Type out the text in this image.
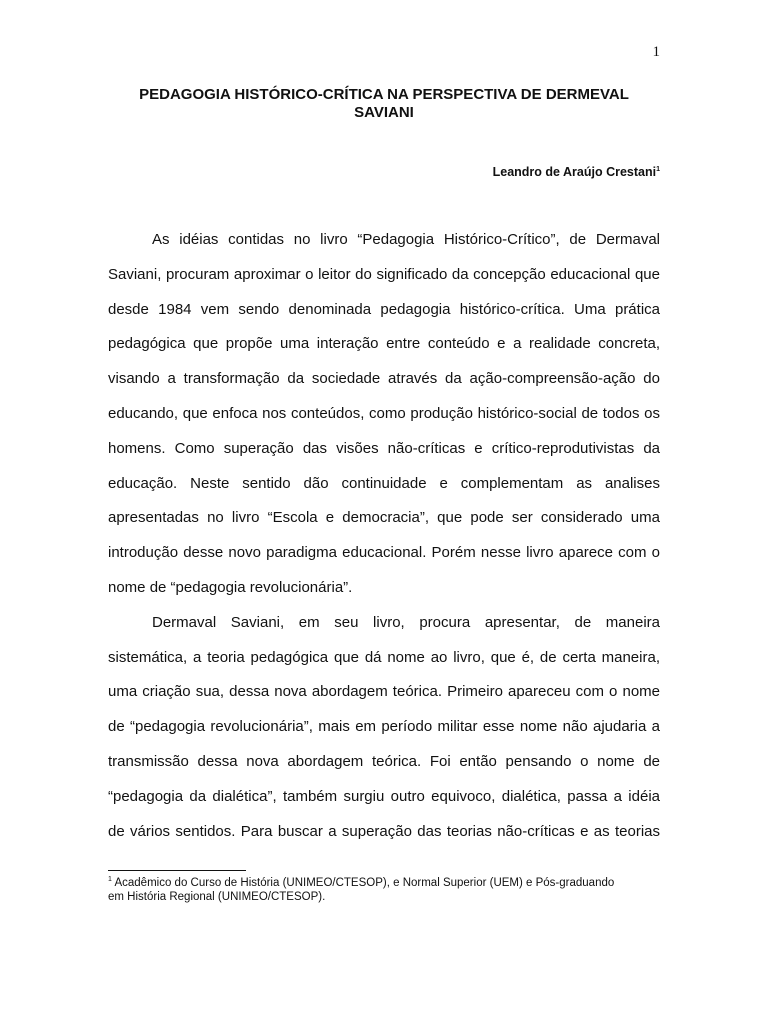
1
PEDAGOGIA HISTÓRICO-CRÍTICA NA PERSPECTIVA DE DERMEVAL
SAVIANI
Leandro de Araújo Crestani$^1$
As idéias contidas no livro “Pedagogia Histórico-Crítico”, de Dermaval
Saviani, procuram aproximar o leitor do significado da concepção educacional que
desde 1984 vem sendo denominada pedagogia histórico-crítica. Uma prática
pedagógica que propõe uma interação entre conteúdo e a realidade concreta,
visando a transformação da sociedade através da ação-compreensão-ação do
educando, que enfoca nos conteúdos, como produção histórico-social de todos os
homens. Como superação das visões não-críticas e crítico-reprodutivistas da
educação. Neste sentido dão continuidade e complementam as analises
apresentadas no livro “Escola e democracia”, que pode ser considerado uma
introdução desse novo paradigma educacional. Porém nesse livro aparece com o
nome de “pedagogia revolucionária”.
Dermaval Saviani, em seu livro, procura apresentar, de maneira
sistemática, a teoria pedagógica que dá nome ao livro, que é, de certa maneira,
uma criação sua, dessa nova abordagem teórica. Primeiro apareceu com o nome
de “pedagogia revolucionária”, mais em período militar esse nome não ajudaria a
transmissão dessa nova abordagem teórica. Foi então pensando o nome de
“pedagogia da dialética”, também surgiu outro equivoco, dialética, passa a idéia
de vários sentidos. Para buscar a superação das teorias não-críticas e as teorias
$^1$ Acadêmico do Curso de História (UNIMEO/CTESOP), e Normal Superior (UEM) e Pós-graduando
em História Regional (UNIMEO/CTESOP).
